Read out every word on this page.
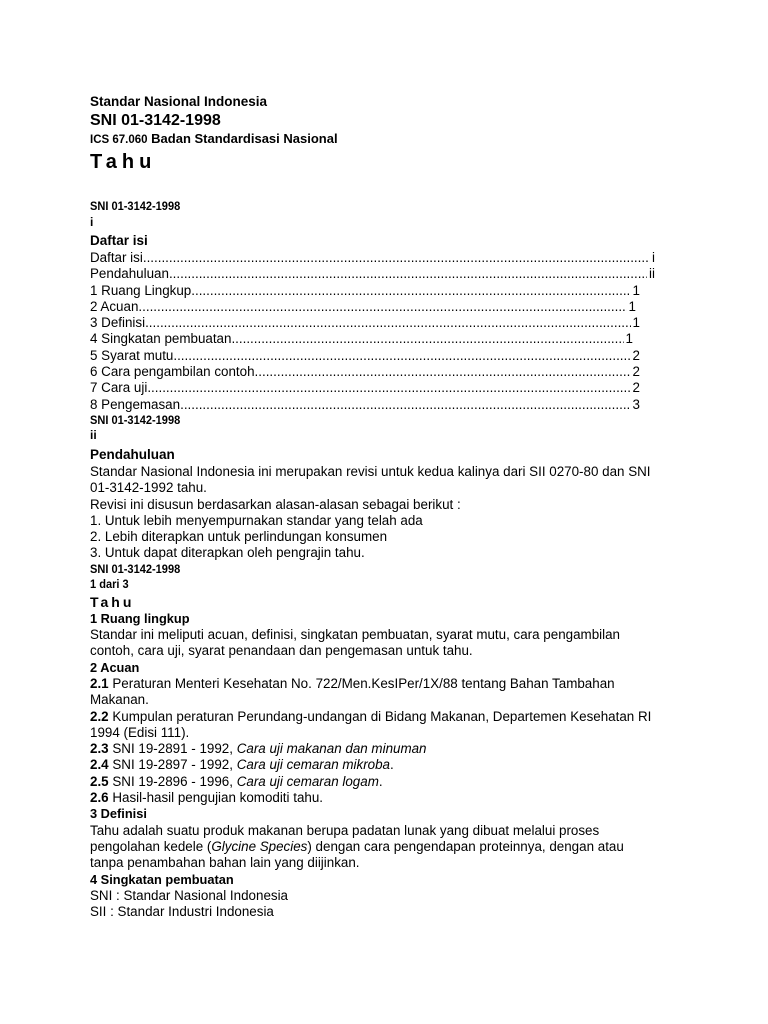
Standar Nasional Indonesia
SNI 01-3142-1998
ICS 67.060 Badan Standardisasi Nasional
Tahu
SNI 01-3142-1998
i
Daftar isi
Daftar isi .....	i
Pendahuluan .....	ii
1 Ruang Lingkup .....	1
2 Acuan .....	1
3 Definisi .....	1
4 Singkatan pembuatan .....	1
5 Syarat mutu .....	2
6 Cara pengambilan contoh .....	2
7 Cara uji .....	2
8 Pengemasan .....	3
SNI 01-3142-1998
ii
Pendahuluan
Standar Nasional Indonesia ini merupakan revisi untuk kedua kalinya dari SII 0270-80 dan SNI 01-3142-1992 tahu.
Revisi ini disusun berdasarkan alasan-alasan sebagai berikut :
1. Untuk lebih menyempurnakan standar yang telah ada
2. Lebih diterapkan untuk perlindungan konsumen
3. Untuk dapat diterapkan oleh pengrajin tahu.
SNI 01-3142-1998
1 dari 3
Tahu
1 Ruang lingkup
Standar ini meliputi acuan, definisi, singkatan pembuatan, syarat mutu, cara pengambilan contoh, cara uji, syarat penandaan dan pengemasan untuk tahu.
2 Acuan
2.1 Peraturan Menteri Kesehatan No. 722/Men.KesIPer/1X/88 tentang Bahan Tambahan Makanan.
2.2 Kumpulan peraturan Perundang-undangan di Bidang Makanan, Departemen Kesehatan RI 1994 (Edisi 111).
2.3 SNI 19-2891 - 1992, Cara uji makanan dan minuman
2.4 SNI 19-2897 - 1992, Cara uji cemaran mikroba.
2.5 SNI 19-2896 - 1996, Cara uji cemaran logam.
2.6 Hasil-hasil pengujian komoditi tahu.
3 Definisi
Tahu adalah suatu produk makanan berupa padatan lunak yang dibuat melalui proses pengolahan kedele (Glycine Species) dengan cara pengendapan proteinnya, dengan atau tanpa penambahan bahan lain yang diijinkan.
4 Singkatan pembuatan
SNI : Standar Nasional Indonesia
SII : Standar Industri Indonesia
